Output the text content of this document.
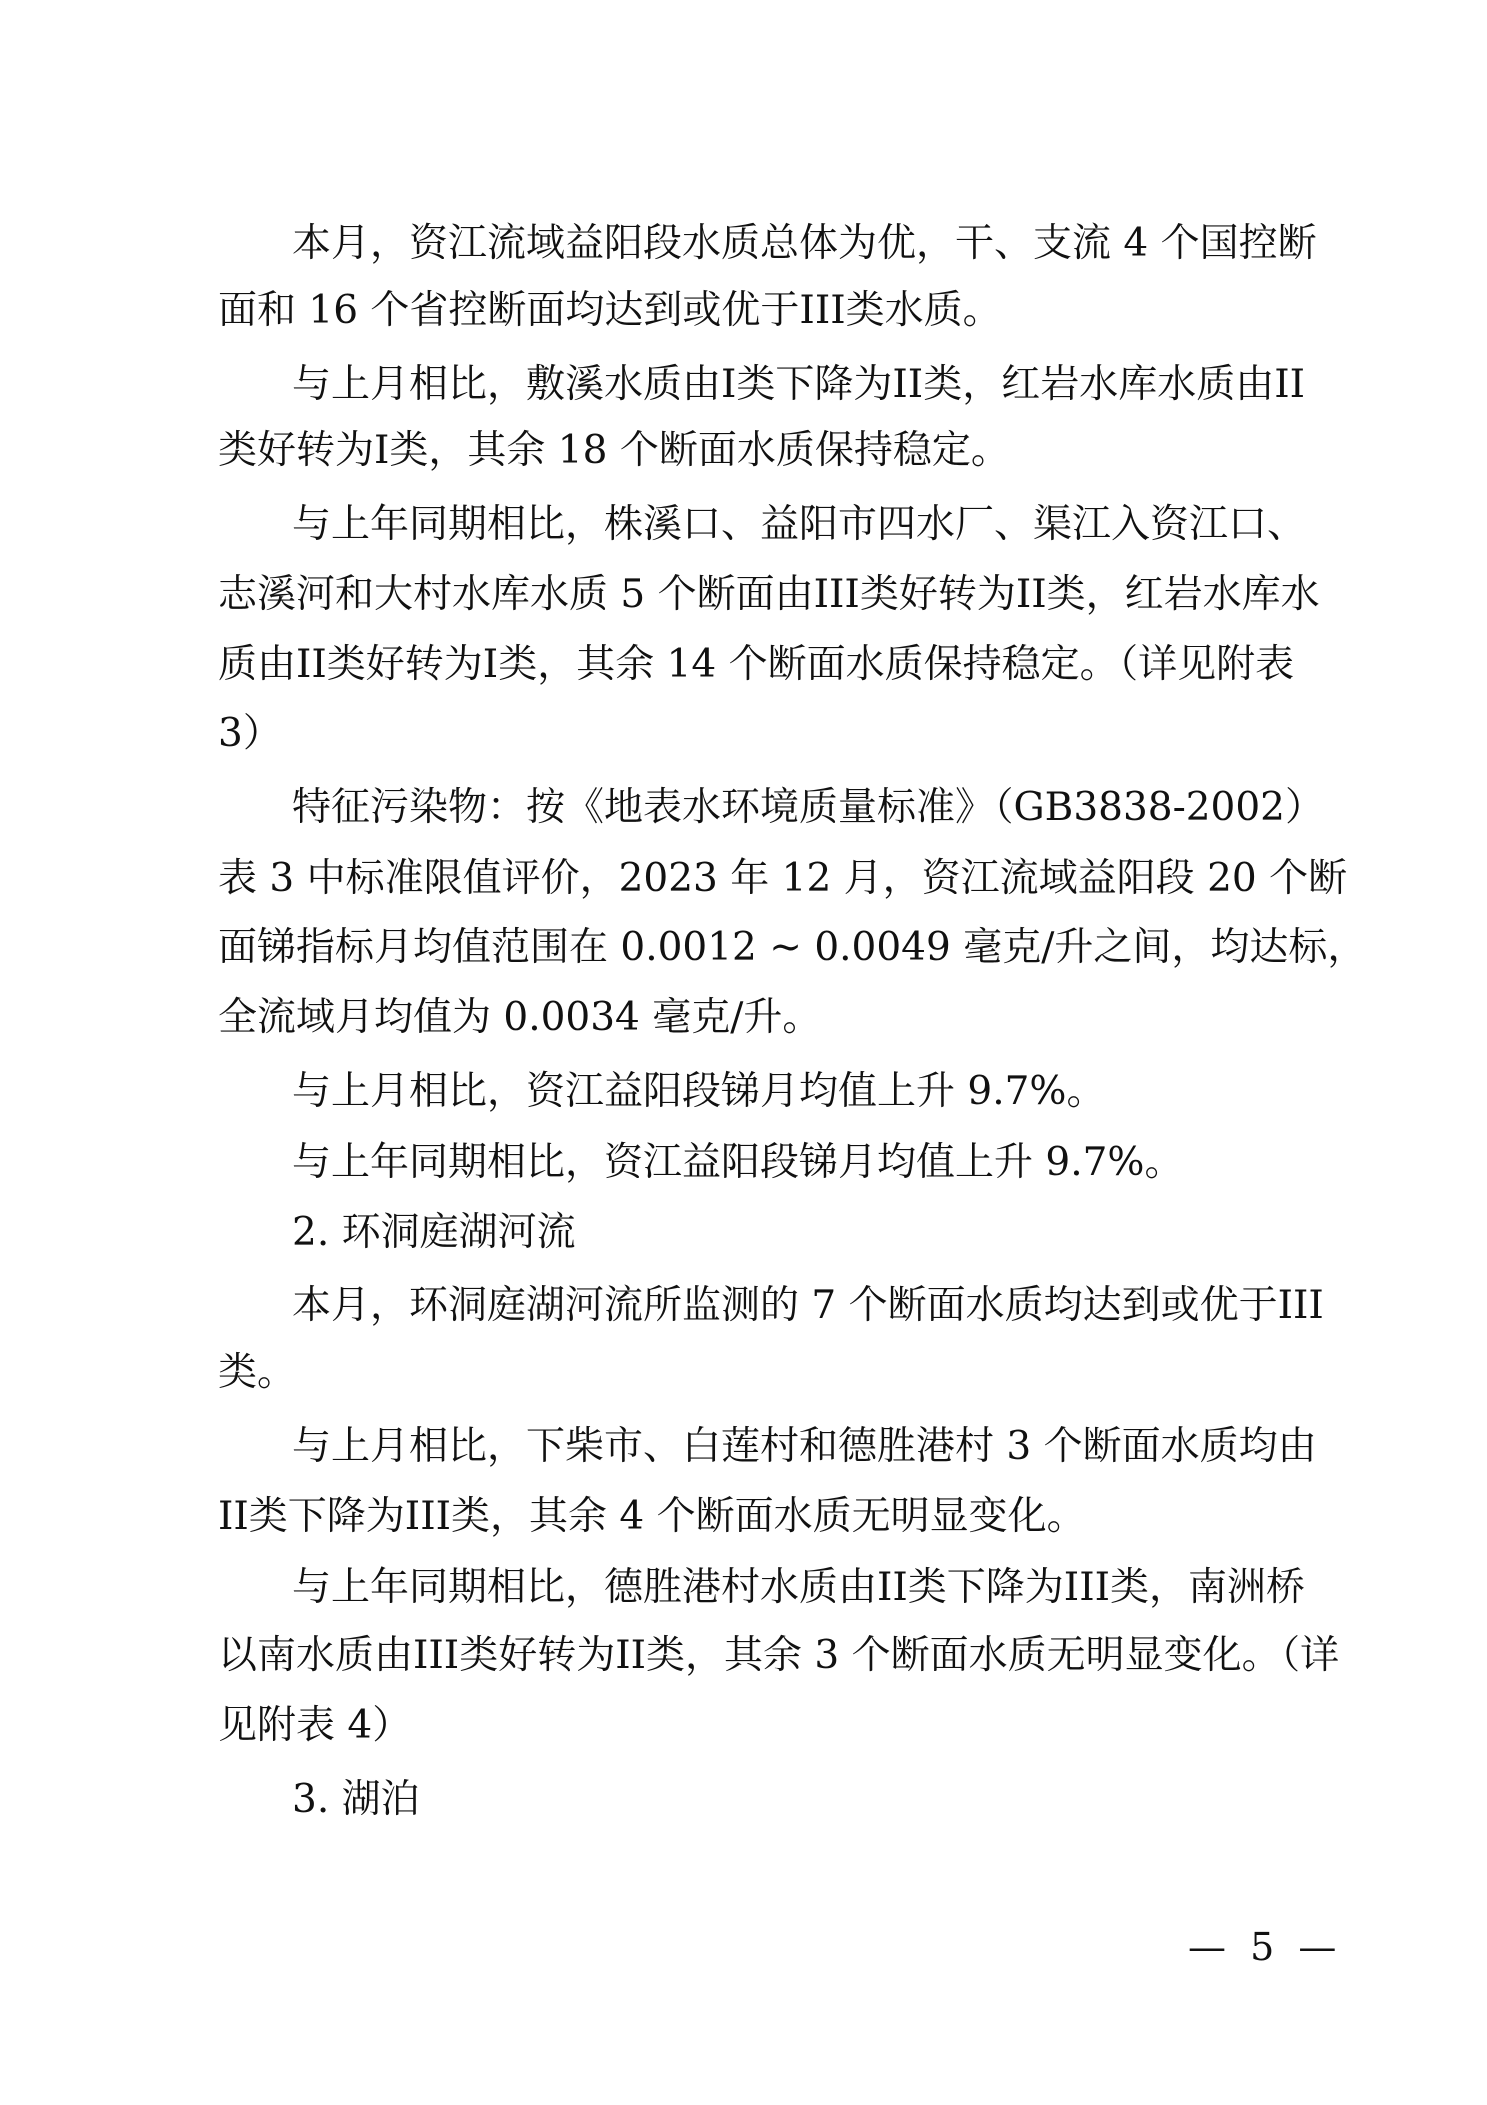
本月，资江流域益阳段水质总体为优，干、支流 4 个国控断
面和 16 个省控断面均达到或优于III类水质。
与上月相比，敷溪水质由I类下降为II类，红岩水库水质由II
类好转为I类，其余 18 个断面水质保持稳定。
与上年同期相比，株溪口、益阳市四水厂、渠江入资江口、
志溪河和大村水库水质 5 个断面由III类好转为II类，红岩水库水
质由II类好转为I类，其余 14 个断面水质保持稳定。（详见附表
3）
特征污染物：按《地表水环境质量标准》（GB3838-2002）
表 3 中标准限值评价，2023 年 12 月，资江流域益阳段 20 个断
面锑指标月均值范围在 0.0012 ~ 0.0049 毫克/升之间，均达标，
全流域月均值为 0.0034 毫克/升。
与上月相比，资江益阳段锑月均值上升 9.7%。
与上年同期相比，资江益阳段锑月均值上升 9.7%。
2. 环洞庭湖河流
本月，环洞庭湖河流所监测的 7 个断面水质均达到或优于III
类。
与上月相比，下柴市、白莲村和德胜港村 3 个断面水质均由
II类下降为III类，其余 4 个断面水质无明显变化。
与上年同期相比，德胜港村水质由II类下降为III类，南洲桥
以南水质由III类好转为II类，其余 3 个断面水质无明显变化。（详
见附表 4）
3. 湖泊
— 5 —
